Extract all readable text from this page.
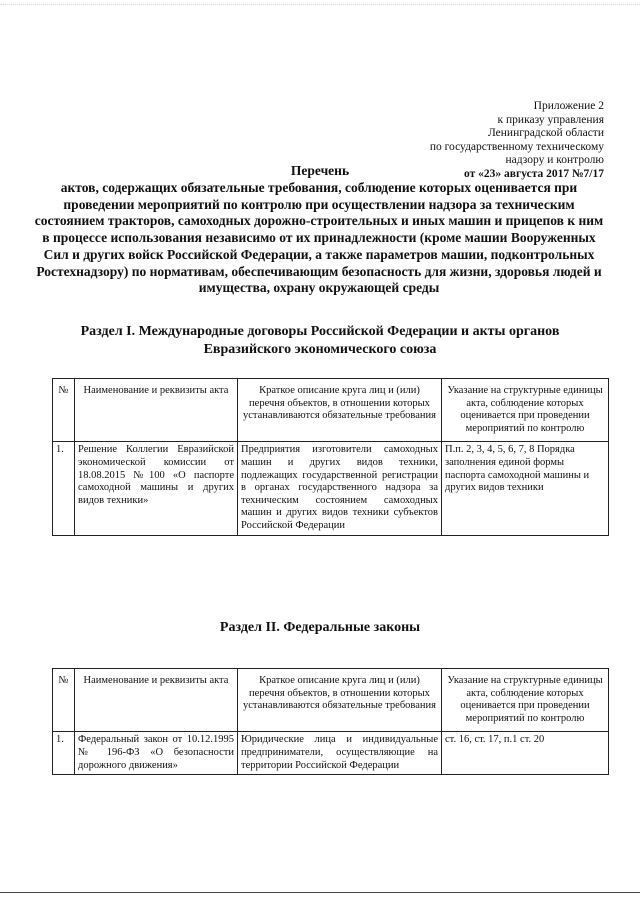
Приложение 2
к приказу управления
Ленинградской области
по государственному техническому
надзору и контролю
от «23» августа 2017 №7/17
Перечень
актов, содержащих обязательные требования, соблюдение которых оценивается при проведении мероприятий по контролю при осуществлении надзора за техническим состоянием тракторов, самоходных дорожно-строительных и иных машин и прицепов к ним в процессе использования независимо от их принадлежности (кроме машии Вооруженных Сил и других войск Российской Федерации, а также параметров машии, подконтрольных Ростехнадзору) по нормативам, обеспечивающим безопасность для жизни, здоровья людей и имущества, охрану окружающей среды
Раздел I. Международные договоры Российской Федерации и акты органов Евразийского экономического союза
№	Наименование и реквизиты акта	Краткое описание круга лиц и (или) перечня объектов, в отношении которых устанавливаются обязательные требования	Указание на структурные единицы акта, соблюдение которых оценивается при проведении мероприятий по контролю
1.	Решение Коллегии Евразийской экономической комиссии от 18.08.2015 №100 «О паспорте самоходной машины и других видов техники»	Предприятия изготовители самоходных машин и других видов техники, подлежащих государственной регистрации в органах государственного надзора за техническим состоянием самоходных машин и других видов техники субъектов Российской Федерации	П.п. 2, 3, 4, 5, 6, 7, 8 Порядка заполнения единой формы паспорта самоходной машины и других видов техники
Раздел II. Федеральные законы
№	Наименование и реквизиты акта	Краткое описание круга лиц и (или) перечня объектов, в отношении которых устанавливаются обязательные требования	Указание на структурные единицы акта, соблюдение которых оценивается при проведении мероприятий по контролю
1.	Федеральный закон от 10.12.1995 № 196-ФЗ «О безопасности дорожного движения»	Юридические лица и индивидуальные предприниматели, осуществляющие на территории Российской Федерации	ст. 16, ст. 17, п.1 ст. 20
